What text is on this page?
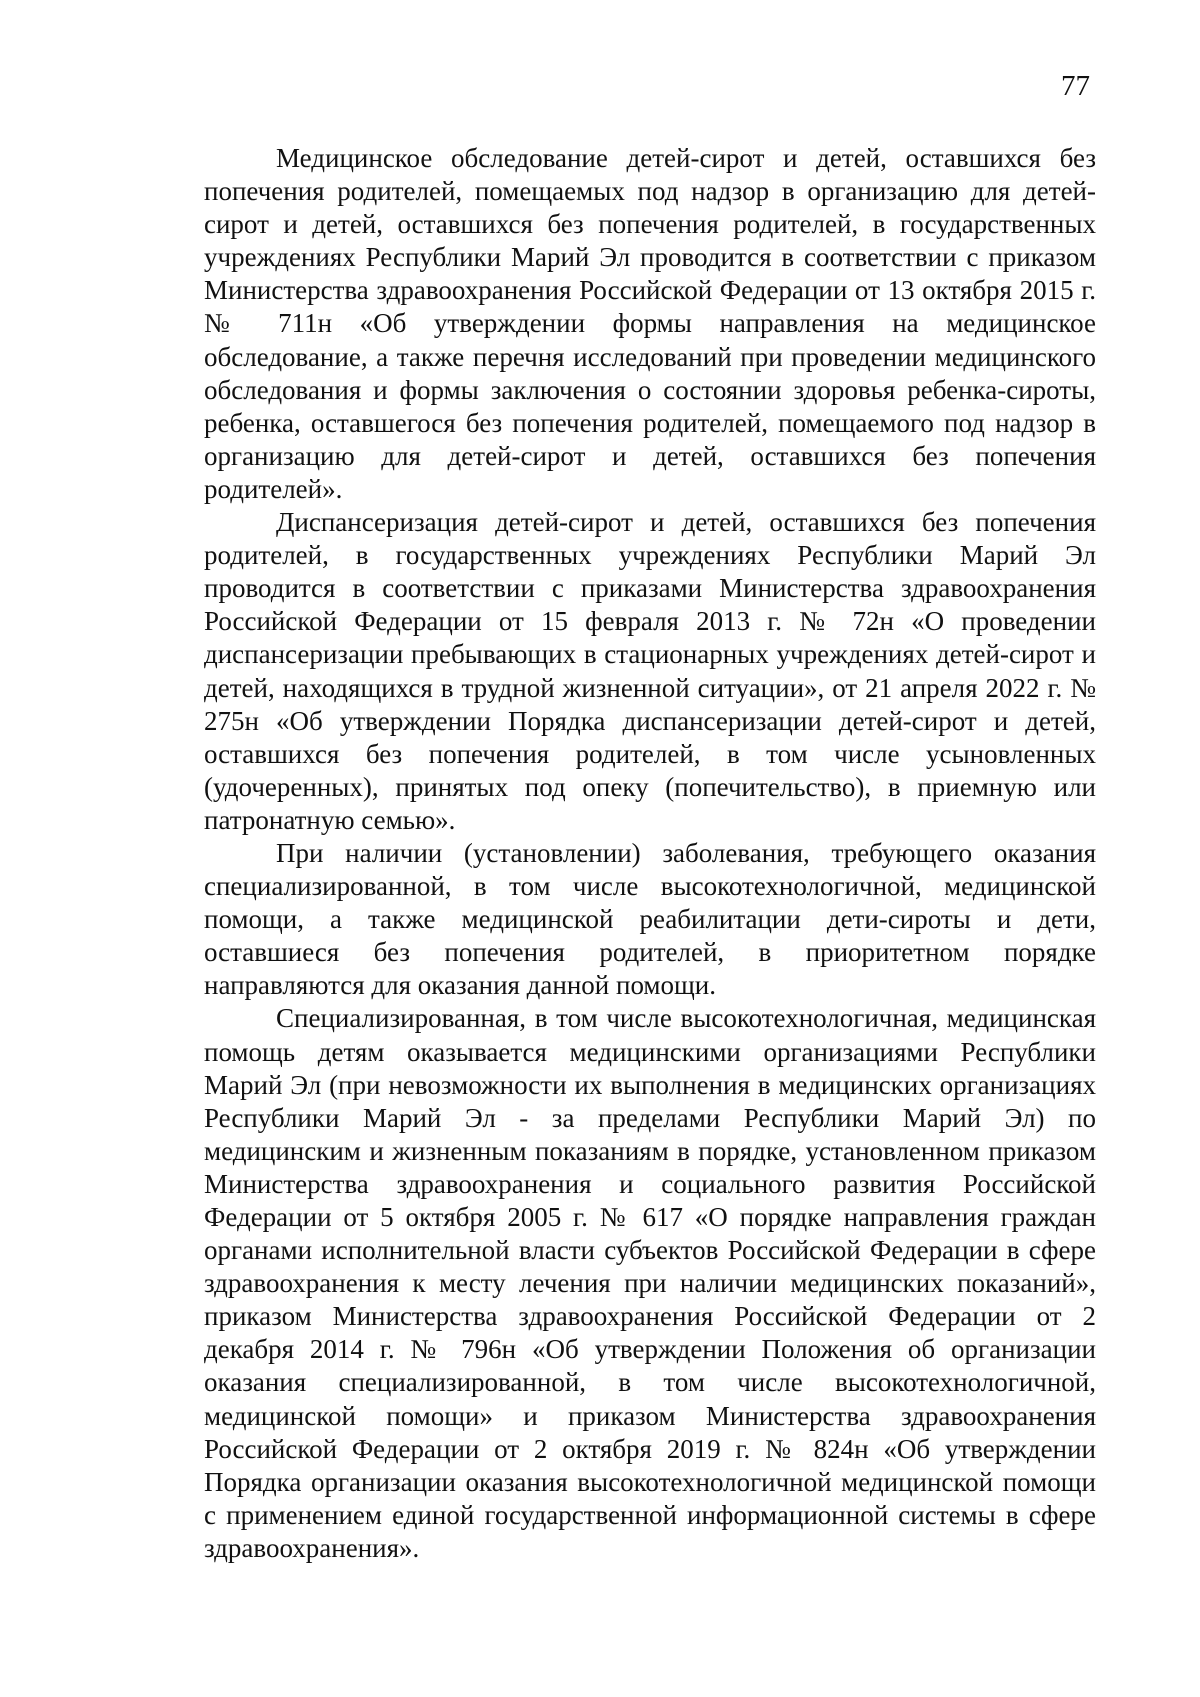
77

Медицинское обследование детей-сирот и детей, оставшихся без попечения родителей, помещаемых под надзор в организацию для детей-сирот и детей, оставшихся без попечения родителей, в государственных учреждениях Республики Марий Эл проводится в соответствии с приказом Министерства здравоохранения Российской Федерации от 13 октября 2015 г. № 711н «Об утверждении формы направления на медицинское обследование, а также перечня исследований при проведении медицинского обследования и формы заключения о состоянии здоровья ребенка-сироты, ребенка, оставшегося без попечения родителей, помещаемого под надзор в организацию для детей-сирот и детей, оставшихся без попечения родителей».

Диспансеризация детей-сирот и детей, оставшихся без попечения родителей, в государственных учреждениях Республики Марий Эл проводится в соответствии с приказами Министерства здравоохранения Российской Федерации от 15 февраля 2013 г. № 72н «О проведении диспансеризации пребывающих в стационарных учреждениях детей-сирот и детей, находящихся в трудной жизненной ситуации», от 21 апреля 2022 г. № 275н «Об утверждении Порядка диспансеризации детей-сирот и детей, оставшихся без попечения родителей, в том числе усыновленных (удочеренных), принятых под опеку (попечительство), в приемную или патронатную семью».

При наличии (установлении) заболевания, требующего оказания специализированной, в том числе высокотехнологичной, медицинской помощи, а также медицинской реабилитации дети-сироты и дети, оставшиеся без попечения родителей, в приоритетном порядке направляются для оказания данной помощи.

Специализированная, в том числе высокотехнологичная, медицинская помощь детям оказывается медицинскими организациями Республики Марий Эл (при невозможности их выполнения в медицинских организациях Республики Марий Эл - за пределами Республики Марий Эл) по медицинским и жизненным показаниям в порядке, установленном приказом Министерства здравоохранения и социального развития Российской Федерации от 5 октября 2005 г. № 617 «О порядке направления граждан органами исполнительной власти субъектов Российской Федерации в сфере здравоохранения к месту лечения при наличии медицинских показаний», приказом Министерства здравоохранения Российской Федерации от 2 декабря 2014 г. № 796н «Об утверждении Положения об организации оказания специализированной, в том числе высокотехнологичной, медицинской помощи» и приказом Министерства здравоохранения Российской Федерации от 2 октября 2019 г. № 824н «Об утверждении Порядка организации оказания высокотехнологичной медицинской помощи с применением единой государственной информационной системы в сфере здравоохранения».
